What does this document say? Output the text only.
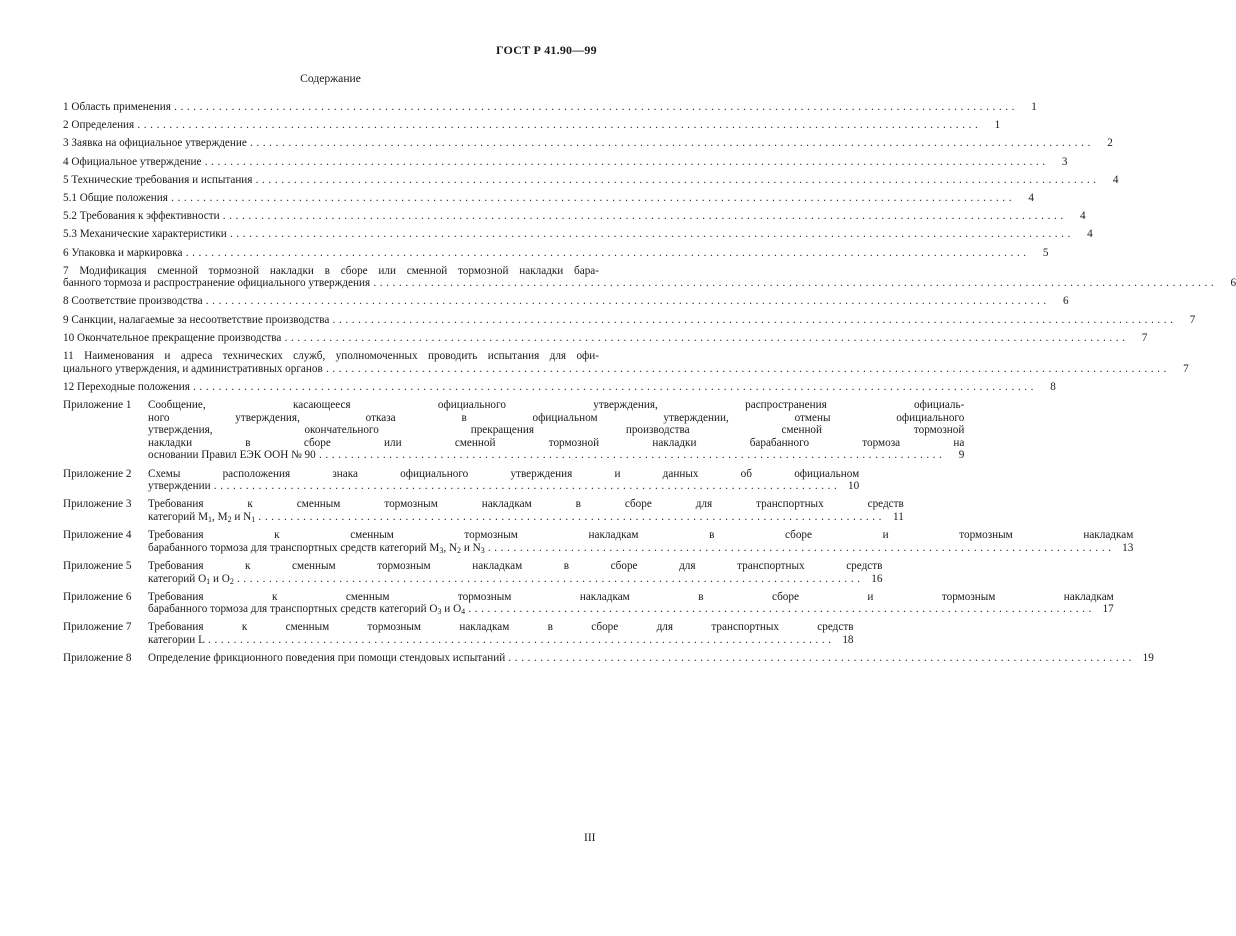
ГОСТ Р 41.90—99
Содержание
1 Область применения . . .	1
2 Определения . . .	1
3 Заявка на официальное утверждение . . .	2
4 Официальное утверждение . . .	3
5 Технические требования и испытания . . .	4
5.1 Общие положения . . .	4
5.2 Требования к эффективности . . .	4
5.3 Механические характеристики . . .	4
6 Упаковка и маркировка . . .	5
7 Модификация сменной тормозной накладки в сборе или сменной тормозной накладки бара-
банного тормоза и распространение официального утверждения . . .	6
8 Соответствие производства . . .	6
9 Санкции, налагаемые за несоответствие производства . . .	7
10 Окончательное прекращение производства . . .	7
11 Наименования и адреса технических служб, уполномоченных проводить испытания для офи-
циального утверждения, и административных органов . . .	7
12 Переходные положения . . .	8
Приложение 1	Сообщение, касающееся официального утверждения, распространения официаль-
ного утверждения, отказа в официальном утверждении, отмены официального
утверждения, окончательного прекращения производства сменной тормозной
накладки в сборе или сменной тормозной накладки барабанного тормоза на
основании Правил ЕЭК ООН № 90 . . .	9
Приложение 2	Схемы расположения знака официального утверждения и данных об официальном
утверждении . . .	10
Приложение 3	Требования к сменным тормозным накладкам в сборе для транспортных средств
категорий $M_1$, $M_2$ и $N_1$ . . .	11
Приложение 4	Требования к сменным тормозным накладкам в сборе и тормозным накладкам
барабанного тормоза для транспортных средств категорий $M_3$, $N_2$ и $N_3$ . . .	13
Приложение 5	Требования к сменным тормозным накладкам в сборе для транспортных средств
категорий $O_1$ и $O_2$ . . .	16
Приложение 6	Требования к сменным тормозным накладкам в сборе и тормозным накладкам
барабанного тормоза для транспортных средств категорий $O_3$ и $O_4$ . . .	17
Приложение 7	Требования к сменным тормозным накладкам в сборе для транспортных средств
категории L . . .	18
Приложение 8	Определение фрикционного поведения при помощи стендовых испытаний . . .	19
III
